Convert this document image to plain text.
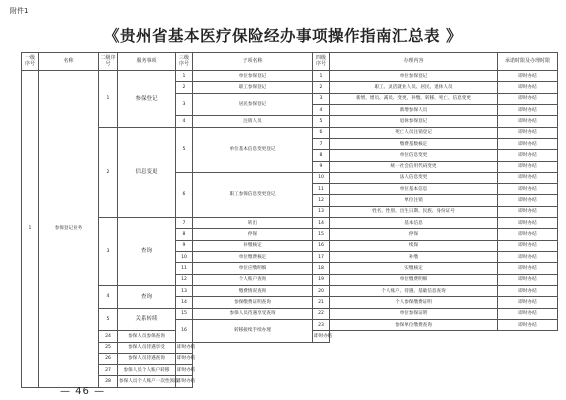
附件1
《贵州省基本医疗保险经办事项操作指南汇总表 》
一级序号	名称	二级序号	服务事项	三级序号	子项名称	四级序号	办理内容	承诺时限及办理时限
1	参保登记业务	1	参保登记	1	单位参保登记	1	单位参保登记	即时办结
				2	职工参保登记	2	职工、灵活就业人员、居民、退休人员	即时办结
				3	居民参保登记	3	新增、增员、减员、变更、补缴、转移、死亡、信息变更	即时办结
						4	新增参保人员	即时办结
				4	注销人员	5	退休参保登记	即时办结
		2	信息变更	5	单位基本信息变更登记	6	死亡人员注销登记	即时办结
						7	缴费基数核定	即时办结
						8	单位信息变更	即时办结
						9	统一社会信用代码变更	即时办结
				6	职工参保信息变更登记	10	法人信息变更	即时办结
						11	单位基本信息	即时办结
						12	单位注销	即时办结
						13	姓名、性别、出生日期、民族、身份证号	即时办结
		3	查询	7	转出	14	基本信息	即时办结
				8	停保	15	停保	即时办结
				9	补缴核定	16	续保	即时办结
				10	单位缴费核定	17	补缴	即时办结
				11	单位应缴明细	18	实缴核定	即时办结
				12	个人账户查询	19	单位缴费明细	即时办结
		4	查询	13	缴费情况查询	20	个人账户、待遇、基础信息查询	即时办结
				14	参保缴费证明查询	21	个人参保缴费证明	即时办结
		5	关系转续	15	参保人员待遇享受查询	22	单位参保证明	即时办结
				16	转移接续手续办理	23	参保单位缴费查询	即时办结
		24	参保人员参保查询			即时办结		
		25	参保人员待遇享受	即时办结				
		26	参保人员待遇查询	即时办结				
		27	参保人员个人账户转移	即时办结				
		28	参保人员个人账户一次性领取	即时办结				
— 46 —
